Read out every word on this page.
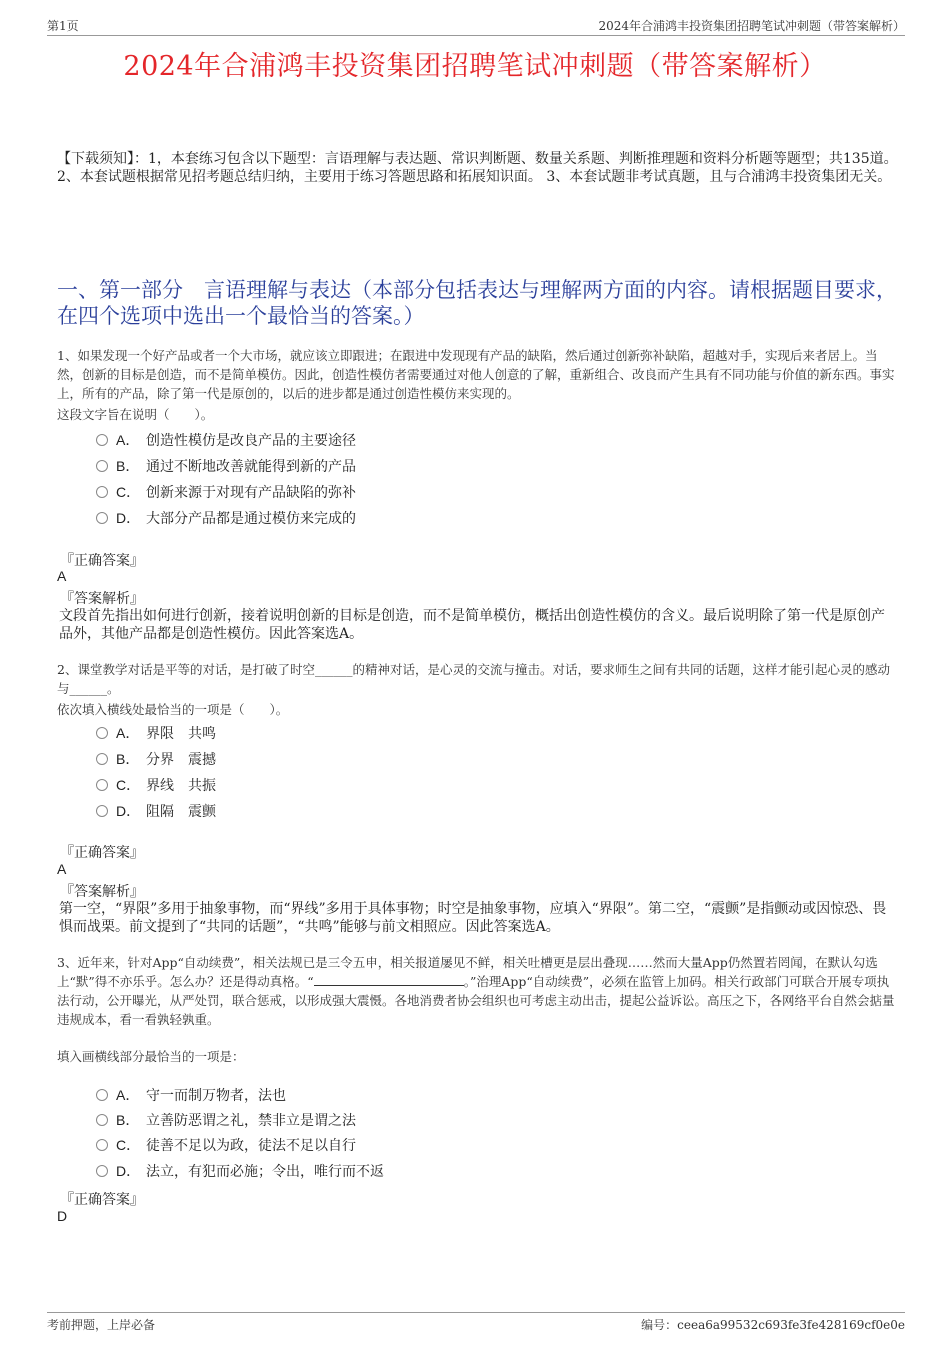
第1页	2024年合浦鸿丰投资集团招聘笔试冲刺题（带答案解析）
2024年合浦鸿丰投资集团招聘笔试冲刺题（带答案解析）
【下载须知】：1，本套练习包含以下题型：言语理解与表达题、常识判断题、数量关系题、判断推理题和资料分析题等题型；共135道。 2、本套试题根据常见招考题总结归纳，主要用于练习答题思路和拓展知识面。 3、本套试题非考试真题，且与合浦鸿丰投资集团无关。
一、第一部分　言语理解与表达（本部分包括表达与理解两方面的内容。请根据题目要求，在四个选项中选出一个最恰当的答案。）
1、如果发现一个好产品或者一个大市场，就应该立即跟进；在跟进中发现现有产品的缺陷，然后通过创新弥补缺陷，超越对手，实现后来者居上。当然，创新的目标是创造，而不是简单模仿。因此，创造性模仿者需要通过对他人创意的了解，重新组合、改良而产生具有不同功能与价值的新东西。事实上，所有的产品，除了第一代是原创的，以后的进步都是通过创造性模仿来实现的。
这段文字旨在说明（　　）。
A． 创造性模仿是改良产品的主要途径
B． 通过不断地改善就能得到新的产品
C． 创新来源于对现有产品缺陷的弥补
D． 大部分产品都是通过模仿来完成的
『正确答案』
A
『答案解析』
文段首先指出如何进行创新，接着说明创新的目标是创造，而不是简单模仿，概括出创造性模仿的含义。最后说明除了第一代是原创产品外，其他产品都是创造性模仿。因此答案选A。
2、课堂教学对话是平等的对话，是打破了时空______的精神对话，是心灵的交流与撞击。对话，要求师生之间有共同的话题，这样才能引起心灵的感动与______。
依次填入横线处最恰当的一项是（　　）。
A． 界限　共鸣
B． 分界　震撼
C． 界线　共振
D． 阻隔　震颤
『正确答案』
A
『答案解析』
第一空，“界限”多用于抽象事物，而“界线”多用于具体事物；时空是抽象事物，应填入“界限”。第二空，“震颤”是指颤动或因惊恐、畏惧而战栗。前文提到了“共同的话题”，“共鸣”能够与前文相照应。因此答案选A。
3、近年来，针对App“自动续费”，相关法规已是三令五申，相关报道屡见不鲜，相关吐槽更是层出叠现……然而大量App仍然置若罔闻，在默认勾选上“默”得不亦乐乎。怎么办？还是得动真格。“	。”治理App“自动续费”，必须在监管上加码。相关行政部门可联合开展专项执法行动，公开曝光，从严处罚，联合惩戒，以形成强大震慑。各地消费者协会组织也可考虑主动出击，提起公益诉讼。高压之下，各网络平台自然会掂量违规成本，看一看孰轻孰重。
填入画横线部分最恰当的一项是：
A． 守一而制万物者，法也
B． 立善防恶谓之礼，禁非立是谓之法
C． 徒善不足以为政，徒法不足以自行
D． 法立，有犯而必施；令出，唯行而不返
『正确答案』
D
考前押题，上岸必备	编号：ceea6a99532c693fe3fe428169cf0e0e
